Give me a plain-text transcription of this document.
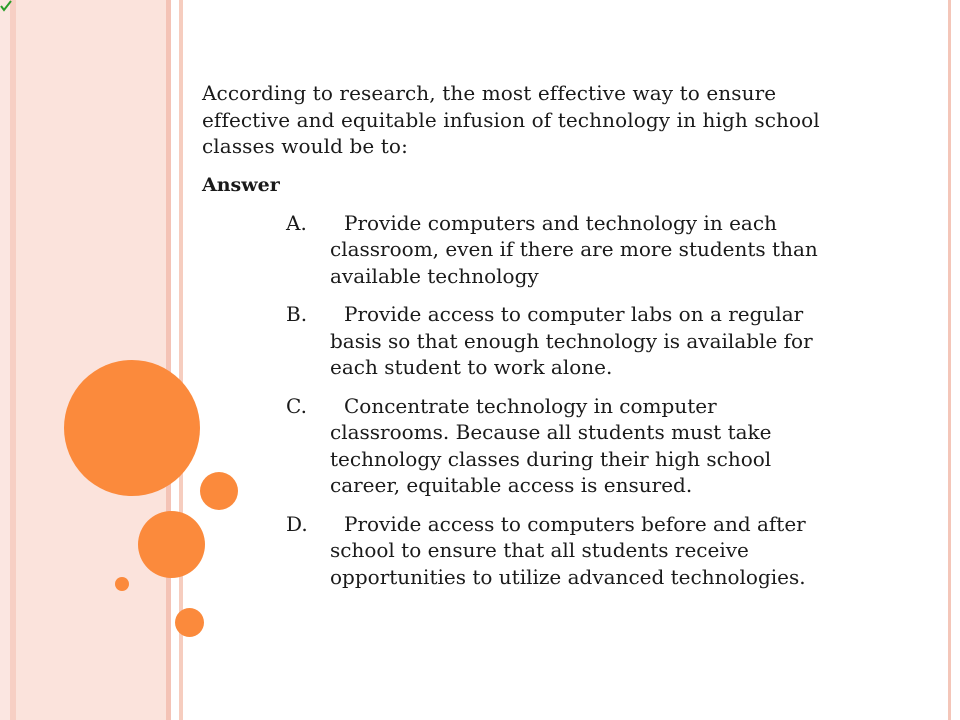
According to research, the most effective way to ensure effective and equitable infusion of technology in high school classes would be to:

Answer

A. Provide computers and technology in each classroom, even if there are more students than available technology
B. Provide access to computer labs on a regular basis so that enough technology is available for each student to work alone.
C. Concentrate technology in computer classrooms. Because all students must take technology classes during their high school career, equitable access is ensured.
D. Provide access to computers before and after school to ensure that all students receive opportunities to utilize advanced technologies.
